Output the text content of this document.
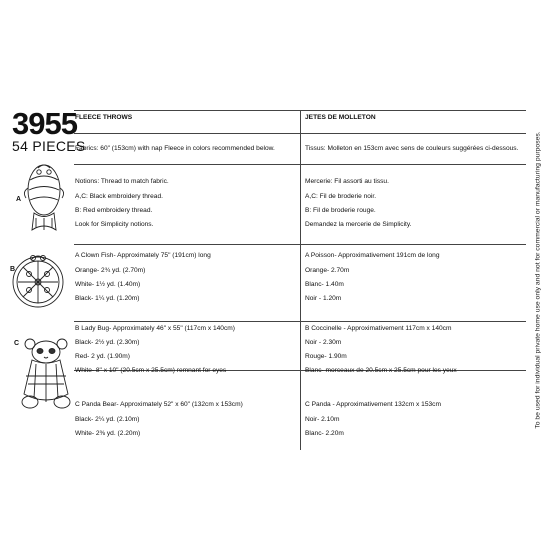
3955
54 PIECES
FLEECE THROWS
Fabrics: 60" (153cm) with nap Fleece in colors recommended below.
Notions: Thread to match fabric.
A,C: Black embroidery thread.
B: Red embroidery thread.
Look for Simplicity notions.
A Clown Fish- Approximately 75" (191cm) long
Orange- 2¾ yd. (2.70m)
White- 1½ yd. (1.40m)
Black- 1¼ yd. (1.20m)
B Lady Bug- Approximately 46" x 55" (117cm x 140cm)
Black- 2½ yd. (2.30m)
Red- 2 yd. (1.90m)
White- 8" x 10" (20.5cm x 25.5cm) remnant for eyes
C Panda Bear- Approximately 52" x 60" (132cm x 153cm)
Black- 2¼ yd. (2.10m)
White- 2⅜ yd. (2.20m)
JETES DE MOLLETON
Tissus: Molleton en 153cm avec sens de couleurs suggérées ci-dessous.
Mercerie: Fil assorti au tissu.
A,C: Fil de broderie noir.
B: Fil de broderie rouge.
Demandez la mercerie de Simplicity.
A Poisson- Approximativement 191cm de long
Orange- 2.70m
Blanc- 1.40m
Noir - 1.20m
B Coccinelle - Approximativement 117cm x 140cm
Noir - 2.30m
Rouge- 1.90m
Blanc- morceaux de 20.5cm x 25.5cm pour les yeux
C Panda - Approximativement 132cm x 153cm
Noir- 2.10m
Blanc- 2.20m
A
B
C	To be used for individual private home use only and not for commercial or manufacturing purposes.
